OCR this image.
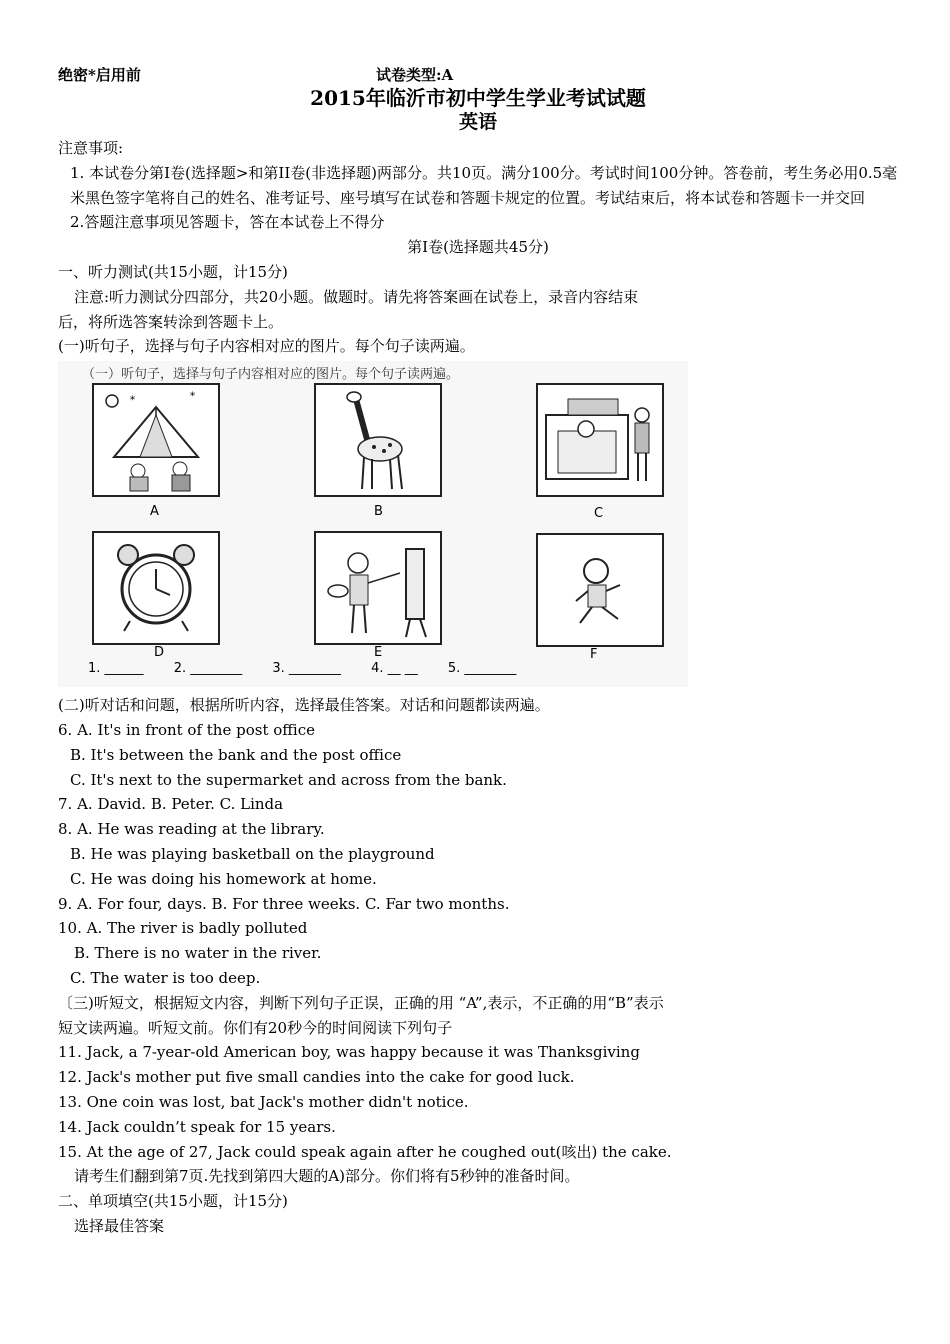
绝密*启用前	试卷类型:A
2015年临沂市初中学生学业考试试题
英语
注意事项:
1. 本试卷分第I卷(选择题>和第II卷(非选择题)两部分。共10页。满分100分。考试时间100分钟。答卷前，考生务必用0.5毫米黑色签字笔将自己的姓名、准考证号、座号填写在试卷和答题卡规定的位置。考试结束后，将本试卷和答题卡一并交回
2.答题注意事项见答题卡，答在本试卷上不得分
第I卷(选择题共45分)
一、听力测试(共15小题，计15分)
注意:听力测试分四部分，共20小题。做题时。请先将答案画在试卷上，录音内容结束
后，将所选答案转涂到答题卡上。
(一)听句子，选择与句子内容相对应的图片。每个句子读两遍。
（一）听句子，选择与句子内容相对应的图片。每个句子读两遍。
*	*
A	B	C
D	E	F
1. ______ 2. ________ 3. ________ 4. __ __ 5. ________
(二)听对话和问题，根据所听内容，选择最佳答案。对话和问题都读两遍。
6. A. It's in front of the post office
B. It's between the bank and the post office
C. It's next to the supermarket and across from the bank.
7. A. David. B. Peter. C. Linda
8. A. He was reading at the library.
B. He was playing basketball on the playground
C. He was doing his homework at home.
9. A. For four, days. B. For three weeks. C. Far two months.
10. A. The river is badly polluted
B. There is no water in the river.
C. The water is too deep.
〔三)听短文，根据短文内容，判断下列句子正误，正确的用 “A”,表示，不正确的用“B”表示
短文读两遍。听短文前。你们有20秒今的时间阅读下列句子
11. Jack, a 7-year-old American boy, was happy because it was Thanksgiving
12. Jack's mother put five small candies into the cake for good luck.
13. One coin was lost, bat Jack's mother didn't notice.
14. Jack couldn’t speak for 15 years.
15. At the age of 27, Jack could speak again after he coughed out(咳出) the cake.
请考生们翻到第7页.先找到第四大题的A)部分。你们将有5秒钟的准备时间。
二、单项填空(共15小题，计15分)
选择最佳答案
